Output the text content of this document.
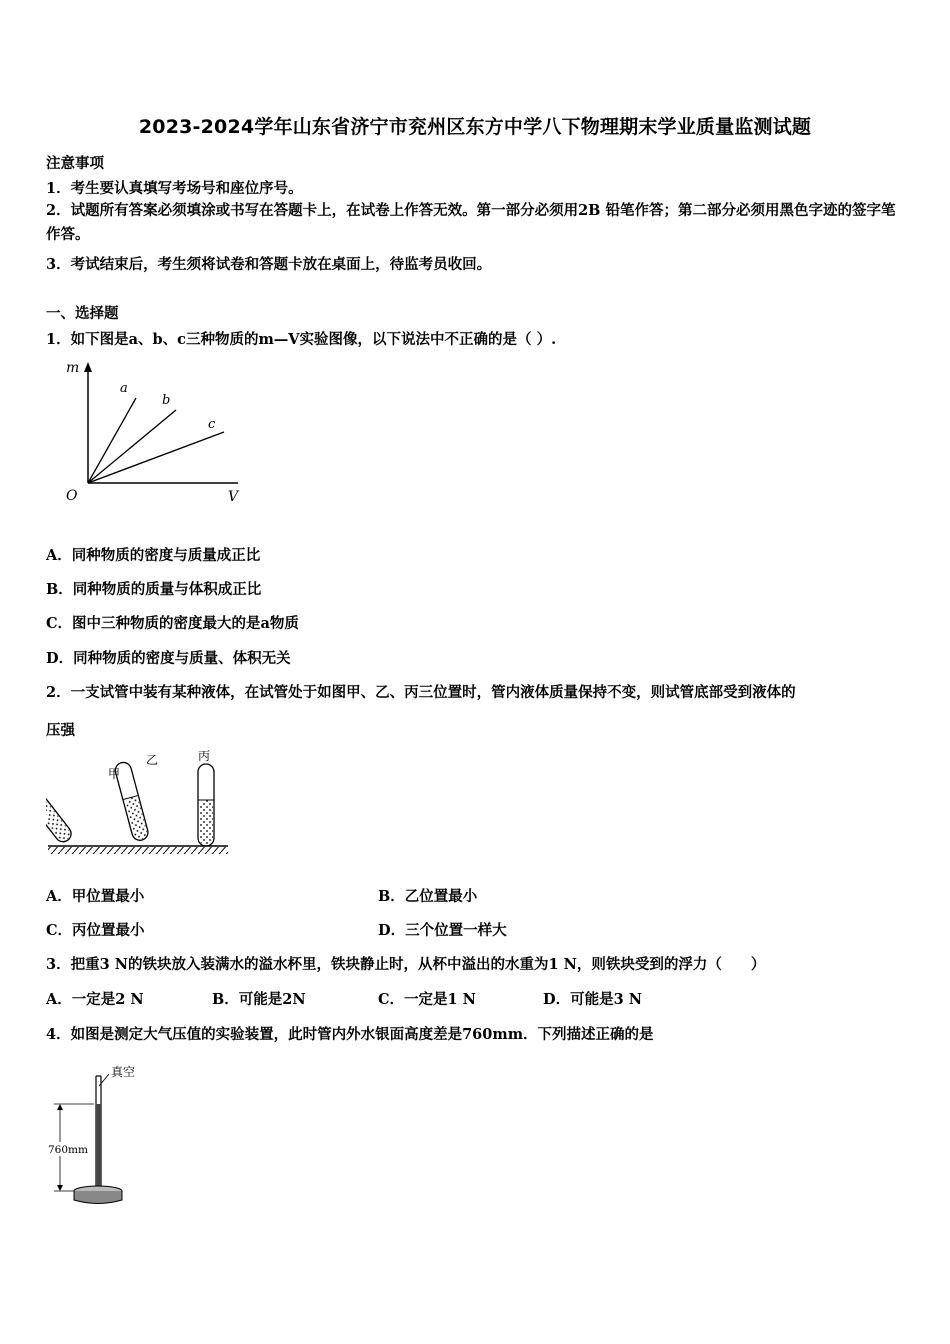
2023-2024学年山东省济宁市兖州区东方中学八下物理期末学业质量监测试题
注意事项
1．考生要认真填写考场号和座位序号。
2．试题所有答案必须填涂或书写在答题卡上，在试卷上作答无效。第一部分必须用2B 铅笔作答；第二部分必须用黑色字迹的签字笔作答。
3．考试结束后，考生须将试卷和答题卡放在桌面上，待监考员收回。
一、选择题
1．如下图是a、b、c三种物质的m—V实验图像，以下说法中不正确的是（ ）.
m
V
O
a
b
c
A．同种物质的密度与质量成正比
B．同种物质的质量与体积成正比
C．图中三种物质的密度最大的是a物质
D．同种物质的密度与质量、体积无关
2．一支试管中装有某种液体，在试管处于如图甲、乙、丙三位置时，管内液体质量保持不变，则试管底部受到液体的
压强
甲
乙	丙
A．甲位置最小	B．乙位置最小
C．丙位置最小	D．三个位置一样大
3．把重3 N的铁块放入装满水的溢水杯里，铁块静止时，从杯中溢出的水重为1 N，则铁块受到的浮力（　　）
A．一定是2 N	B．可能是2N	C．一定是1 N	D．可能是3 N
4．如图是测定大气压值的实验装置，此时管内外水银面高度差是760mm．下列描述正确的是
真空
760mm
